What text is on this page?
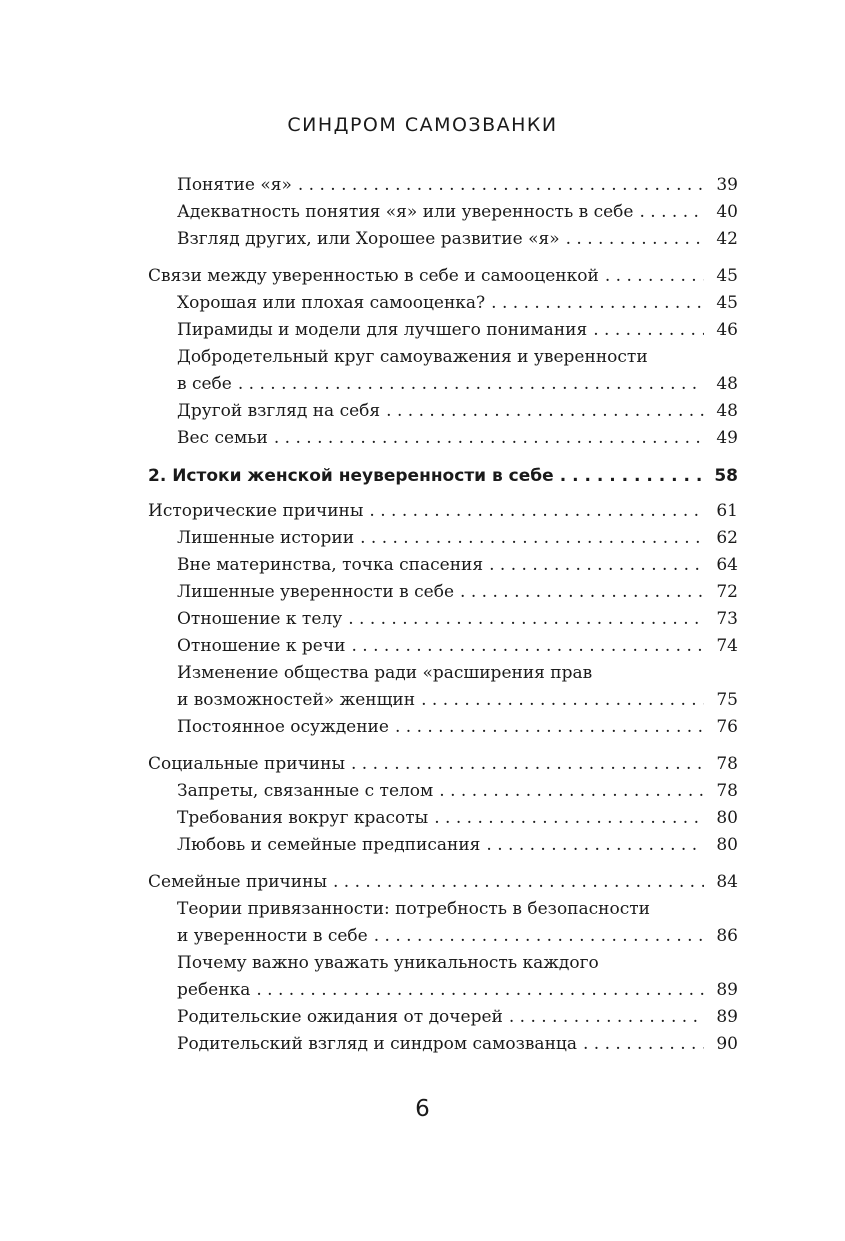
СИНДРОМ САМОЗВАНКИ
Понятие «я» . . .	39
Адекватность понятия «я» или уверенность в себе . . .	40
Взгляд других, или Хорошее развитие «я» . . .	42
Связи между уверенностью в себе и самооценкой . . .	45
Хорошая или плохая самооценка? . . .	45
Пирамиды и модели для лучшего понимания . . .	46
Добродетельный круг самоуважения и уверенности
в себе . . .	48
Другой взгляд на себя . . .	48
Вес семьи . . .	49
2. Истоки женской неуверенности в себе . . .	58
Исторические причины . . .	61
Лишенные истории . . .	62
Вне материнства, точка спасения . . .	64
Лишенные уверенности в себе . . .	72
Отношение к телу . . .	73
Отношение к речи . . .	74
Изменение общества ради «расширения прав
и возможностей» женщин . . .	75
Постоянное осуждение . . .	76
Социальные причины . . .	78
Запреты, связанные с телом . . .	78
Требования вокруг красоты . . .	80
Любовь и семейные предписания . . .	80
Семейные причины . . .	84
Теории привязанности: потребность в безопасности
и уверенности в себе . . .	86
Почему важно уважать уникальность каждого
ребенка . . .	89
Родительские ожидания от дочерей . . .	89
Родительский взгляд и синдром самозванца . . .	90
6
